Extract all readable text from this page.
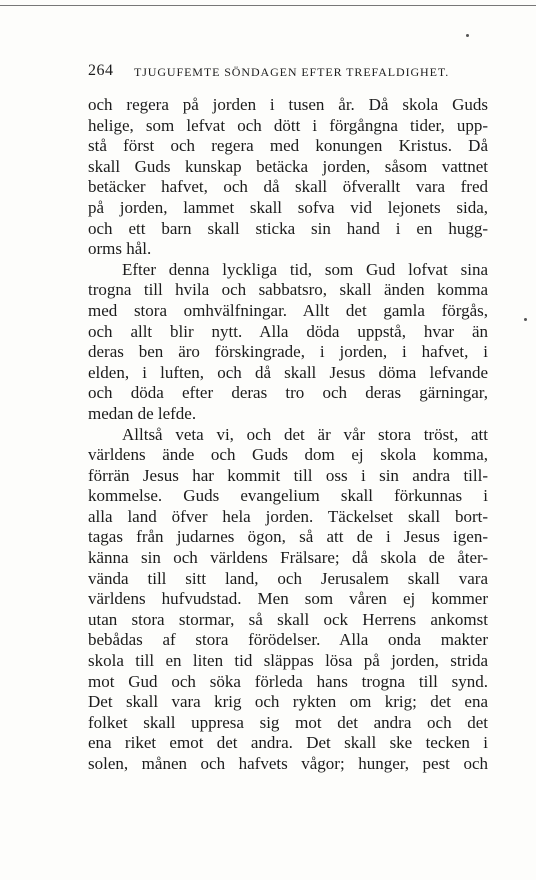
264 TJUGUFEMTE SÖNDAGEN EFTER TREFALDIGHET.
och regera på jorden i tusen år. Då skola Guds
helige, som lefvat och dött i förgångna tider, upp-
stå först och regera med konungen Kristus. Då
skall Guds kunskap betäcka jorden, såsom vattnet
betäcker hafvet, och då skall öfverallt vara fred
på jorden, lammet skall sofva vid lejonets sida,
och ett barn skall sticka sin hand i en hugg-
orms hål.
Efter denna lyckliga tid, som Gud lofvat sina
trogna till hvila och sabbatsro, skall änden komma
med stora omhvälfningar. Allt det gamla förgås,
och allt blir nytt. Alla döda uppstå, hvar än
deras ben äro förskingrade, i jorden, i hafvet, i
elden, i luften, och då skall Jesus döma lefvande
och döda efter deras tro och deras gärningar,
medan de lefde.
Alltså veta vi, och det är vår stora tröst, att
världens ände och Guds dom ej skola komma,
förrän Jesus har kommit till oss i sin andra till-
kommelse. Guds evangelium skall förkunnas i
alla land öfver hela jorden. Täckelset skall bort-
tagas från judarnes ögon, så att de i Jesus igen-
känna sin och världens Frälsare; då skola de åter-
vända till sitt land, och Jerusalem skall vara
världens hufvudstad. Men som våren ej kommer
utan stora stormar, så skall ock Herrens ankomst
bebådas af stora förödelser. Alla onda makter
skola till en liten tid släppas lösa på jorden, strida
mot Gud och söka förleda hans trogna till synd.
Det skall vara krig och rykten om krig; det ena
folket skall uppresa sig mot det andra och det
ena riket emot det andra. Det skall ske tecken i
solen, månen och hafvets vågor; hunger, pest och
